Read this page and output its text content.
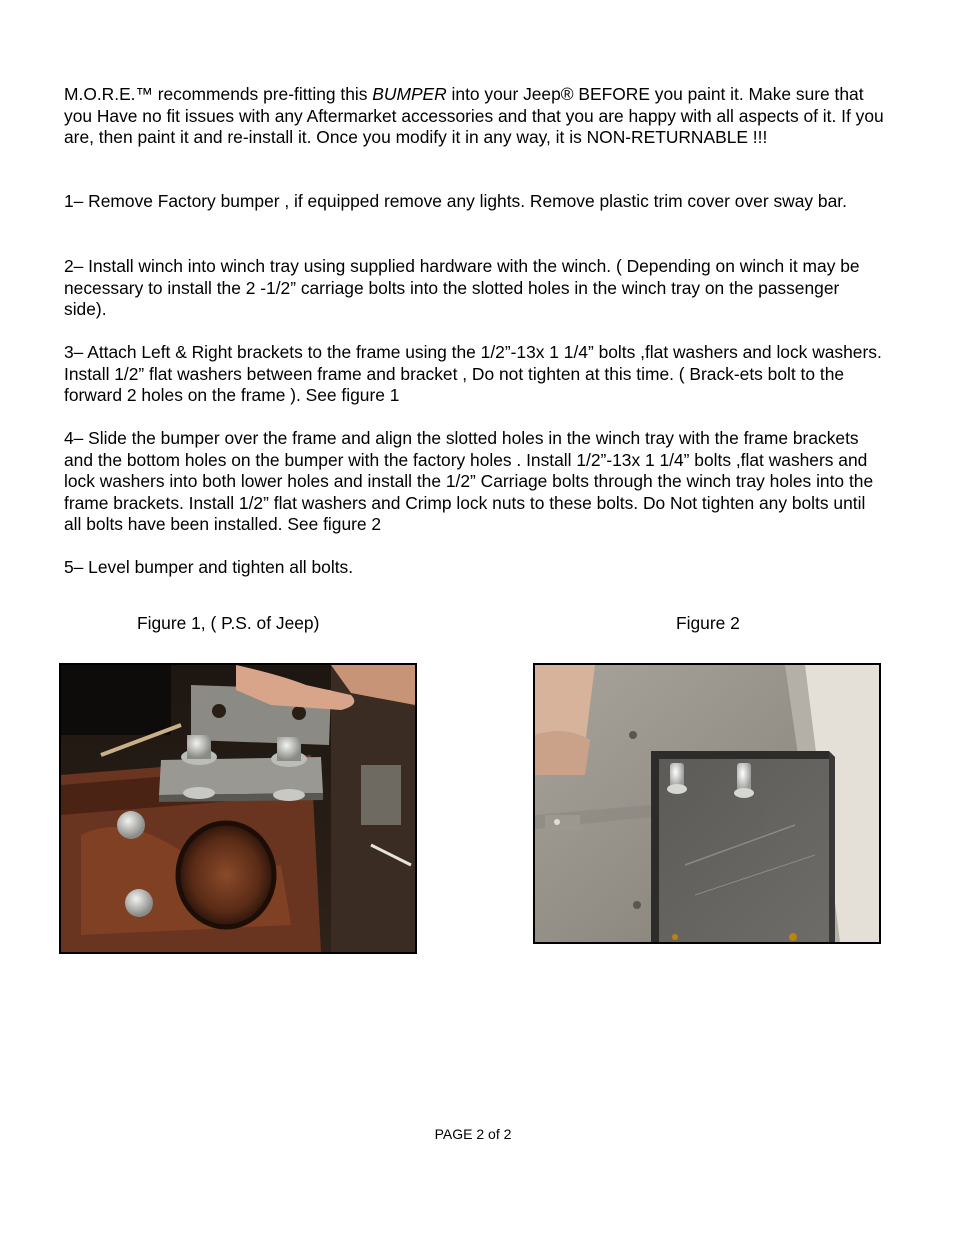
M.O.R.E.™ recommends pre-fitting this BUMPER into your Jeep® BEFORE you paint it. Make sure that you Have no fit issues with any Aftermarket accessories and that you are happy with all aspects of it. If you are, then paint it and re-install it. Once you modify it in any way, it is NON-RETURNABLE !!!

1– Remove Factory bumper , if equipped remove any lights. Remove plastic trim cover over sway bar.

2– Install winch into winch tray using supplied hardware with the winch. ( Depending on winch it may be necessary to install the 2 -1/2” carriage bolts into the slotted holes in the winch tray on the passenger side).

3– Attach Left & Right brackets to the frame using the 1/2”-13x 1 1/4” bolts ,flat washers and lock washers. Install 1/2” flat washers between frame and bracket , Do not tighten at this time. ( Brack-ets bolt to the forward 2 holes on the frame ). See figure 1

4– Slide the bumper over the frame and align the slotted holes in the winch tray with the frame brackets and the bottom holes on the bumper with the factory holes . Install 1/2”-13x 1 1/4” bolts ,flat washers and lock washers into both lower holes and install the 1/2” Carriage bolts through the winch tray holes into the frame brackets. Install 1/2” flat washers and Crimp lock nuts to these bolts. Do Not tighten any bolts until all bolts have been installed. See figure 2

5– Level bumper and tighten all bolts.

Figure 1, ( P.S. of Jeep)	Figure 2
PAGE 2 of 2
